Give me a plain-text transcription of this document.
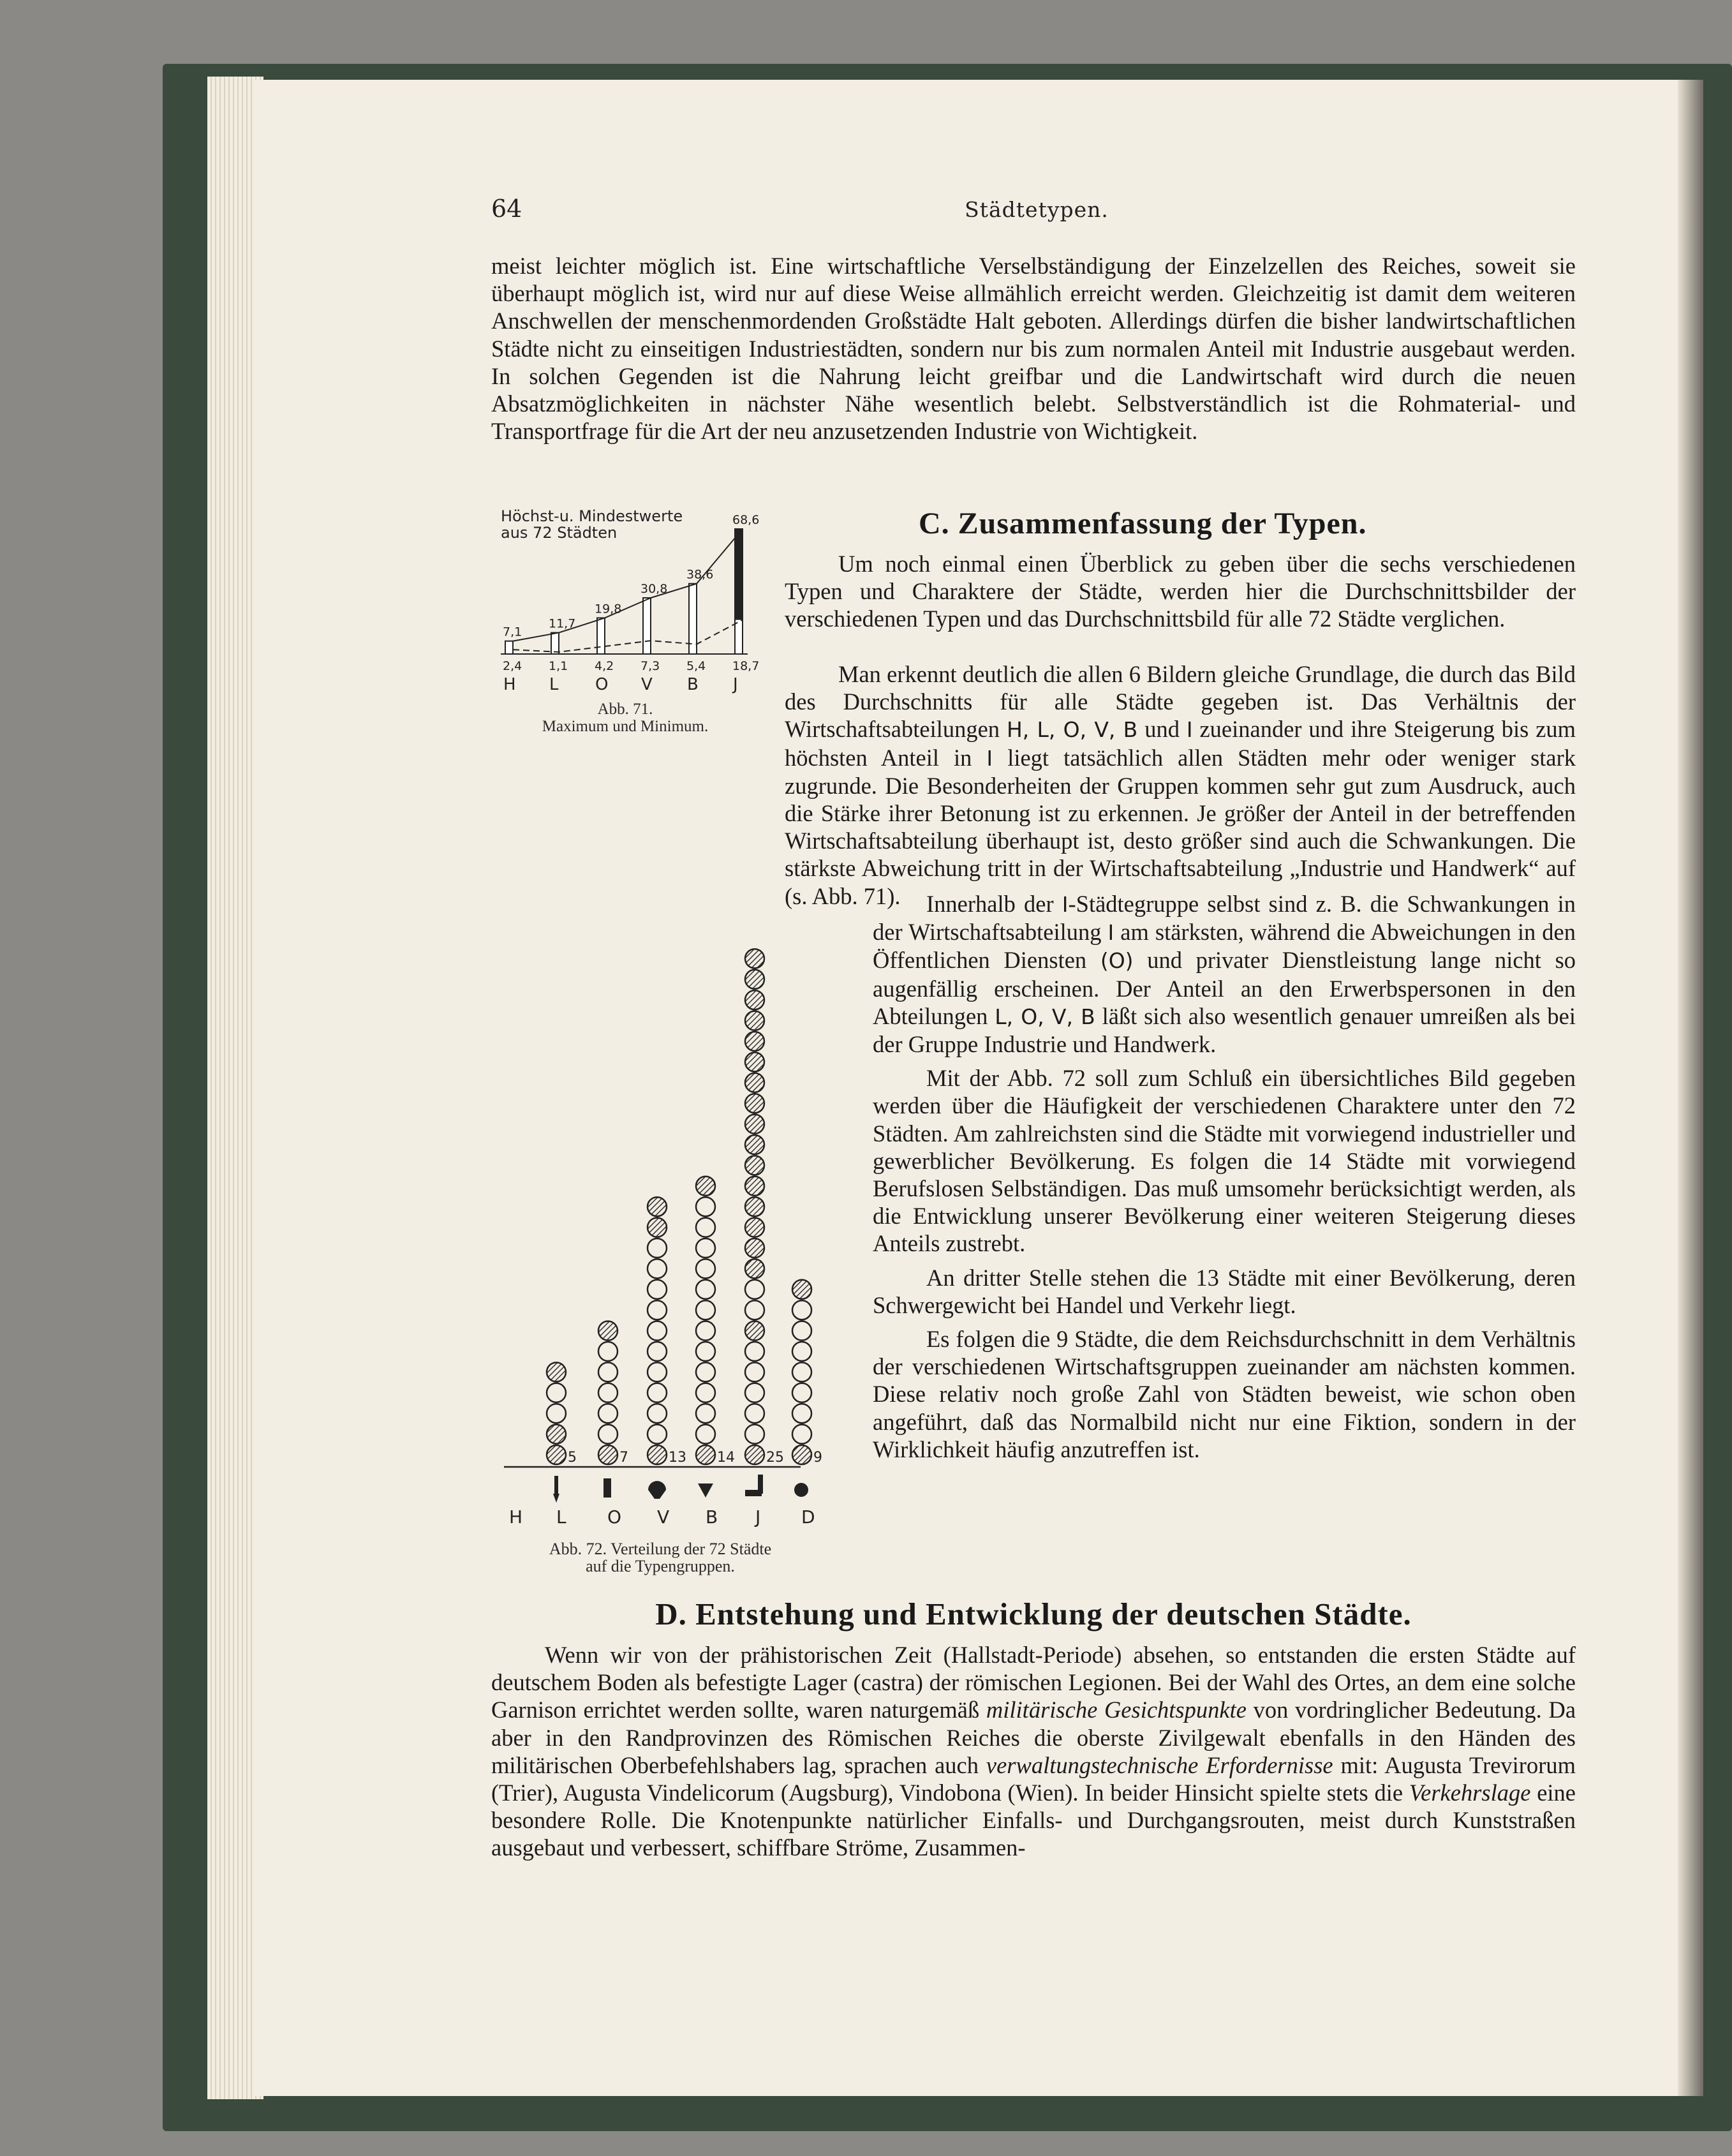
64	Städtetypen.

meist leichter möglich ist. Eine wirtschaftliche Verselbständigung der Einzelzellen des Reiches, soweit sie überhaupt möglich ist, wird nur auf diese Weise allmählich erreicht werden. Gleichzeitig ist damit dem weiteren Anschwellen der menschenmordenden Großstädte Halt geboten. Allerdings dürfen die bisher landwirtschaftlichen Städte nicht zu einseitigen Industriestädten, sondern nur bis zum normalen Anteil mit Industrie ausgebaut werden. In solchen Gegenden ist die Nahrung leicht greifbar und die Landwirtschaft wird durch die neuen Absatzmöglichkeiten in nächster Nähe wesentlich belebt. Selbstverständlich ist die Rohmaterial- und Transportfrage für die Art der neu anzusetzenden Industrie von Wichtigkeit.

Höchst-u. Mindestwerte
aus 72 Städten
7,1
2,4
H
11,7
1,1
L
19,8
4,2
O
30,8
7,3
V
38,6
5,4
B
68,6
18,7
J
Abb. 71.
Maximum und Minimum.
C. Zusammenfassung der Typen.

Um noch einmal einen Überblick zu geben über die sechs verschiedenen Typen und Charaktere der Städte, werden hier die Durchschnittsbilder der verschiedenen Typen und das Durchschnittsbild für alle 72 Städte verglichen.

Man erkennt deutlich die allen 6 Bildern gleiche Grundlage, die durch das Bild des Durchschnitts für alle Städte gegeben ist. Das Verhältnis der Wirtschaftsabteilungen H, L, O, V, B und I zueinander und ihre Steigerung bis zum höchsten Anteil in I liegt tatsächlich allen Städten mehr oder weniger stark zugrunde. Die Besonderheiten der Gruppen kommen sehr gut zum Ausdruck, auch die Stärke ihrer Betonung ist zu erkennen. Je größer der Anteil in der betreffenden Wirtschaftsabteilung überhaupt ist, desto größer sind auch die Schwankungen. Die stärkste Abweichung tritt in der Wirtschaftsabteilung „Industrie und Handwerk“ auf (s. Abb. 71).

5	7	13 14 25 9
H L O V B J D
Abb. 72. Verteilung der 72 Städte
auf die Typengruppen.

Innerhalb der I-Städtegruppe selbst sind z. B. die Schwankungen in der Wirtschaftsabteilung I am stärksten, während die Abweichungen in den Öffentlichen Diensten (O) und privater Dienstleistung lange nicht so augenfällig erscheinen. Der Anteil an den Erwerbspersonen in den Abteilungen L, O, V, B läßt sich also wesentlich genauer umreißen als bei der Gruppe Industrie und Handwerk.

Mit der Abb. 72 soll zum Schluß ein übersichtliches Bild gegeben werden über die Häufigkeit der verschiedenen Charaktere unter den 72 Städten. Am zahlreichsten sind die Städte mit vorwiegend industrieller und gewerblicher Bevölkerung. Es folgen die 14 Städte mit vorwiegend Berufslosen Selbständigen. Das muß umsomehr berücksichtigt werden, als die Entwicklung unserer Bevölkerung einer weiteren Steigerung dieses Anteils zustrebt.

An dritter Stelle stehen die 13 Städte mit einer Bevölkerung, deren Schwergewicht bei Handel und Verkehr liegt.

Es folgen die 9 Städte, die dem Reichsdurchschnitt in dem Verhältnis der verschiedenen Wirtschaftsgruppen zueinander am nächsten kommen. Diese relativ noch große Zahl von Städten beweist, wie schon oben angeführt, daß das Normalbild nicht nur eine Fiktion, sondern in der Wirklichkeit häufig anzutreffen ist.

D. Entstehung und Entwicklung der deutschen Städte.

Wenn wir von der prähistorischen Zeit (Hallstadt-Periode) absehen, so entstanden die ersten Städte auf deutschem Boden als befestigte Lager (castra) der römischen Legionen. Bei der Wahl des Ortes, an dem eine solche Garnison errichtet werden sollte, waren naturgemäß militärische Gesichtspunkte von vordringlicher Bedeutung. Da aber in den Randprovinzen des Römischen Reiches die oberste Zivilgewalt ebenfalls in den Händen des militärischen Oberbefehlshabers lag, sprachen auch verwaltungstechnische Erfordernisse mit: Augusta Trevirorum (Trier), Augusta Vindelicorum (Augsburg), Vindobona (Wien). In beider Hinsicht spielte stets die Verkehrslage eine besondere Rolle. Die Knotenpunkte natürlicher Einfalls- und Durchgangsrouten, meist durch Kunststraßen ausgebaut und verbessert, schiffbare Ströme, Zusammen-
